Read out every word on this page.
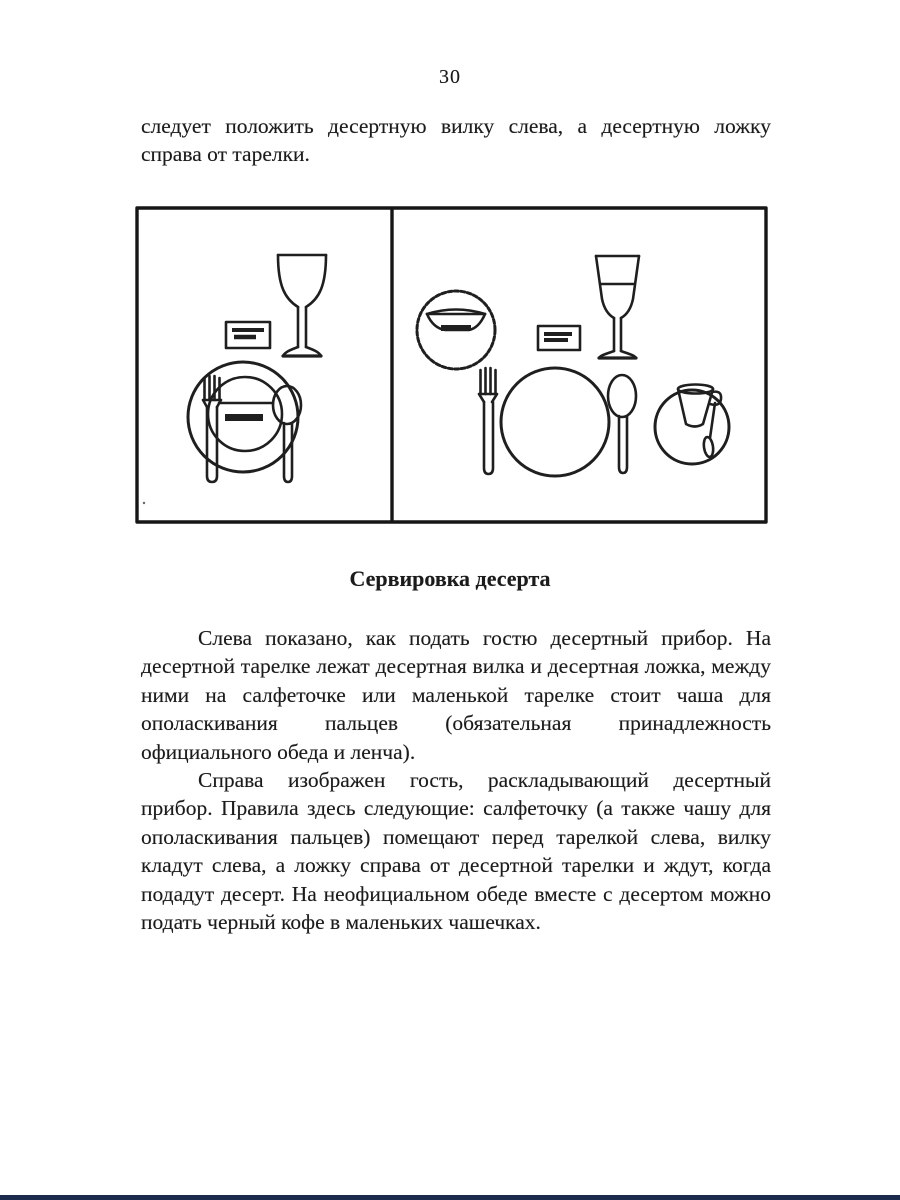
30

следует положить десертную вилку слева, а десертную ложку справа от тарелки.

Сервировка десерта

Слева показано, как подать гостю десертный прибор. На десертной тарелке лежат десертная вилка и десертная ложка, между ними на салфеточке или маленькой тарелке стоит чаша для ополаскивания пальцев (обязательная принадлежность официального обеда и ленча).

Справа изображен гость, раскладывающий десертный прибор. Правила здесь следующие: салфеточку (а также чашу для ополаскивания пальцев) помещают перед тарелкой слева, вилку кладут слева, а ложку справа от десертной тарелки и ждут, когда подадут десерт. На неофициальном обеде вместе с десертом можно подать черный кофе в маленьких чашечках.
